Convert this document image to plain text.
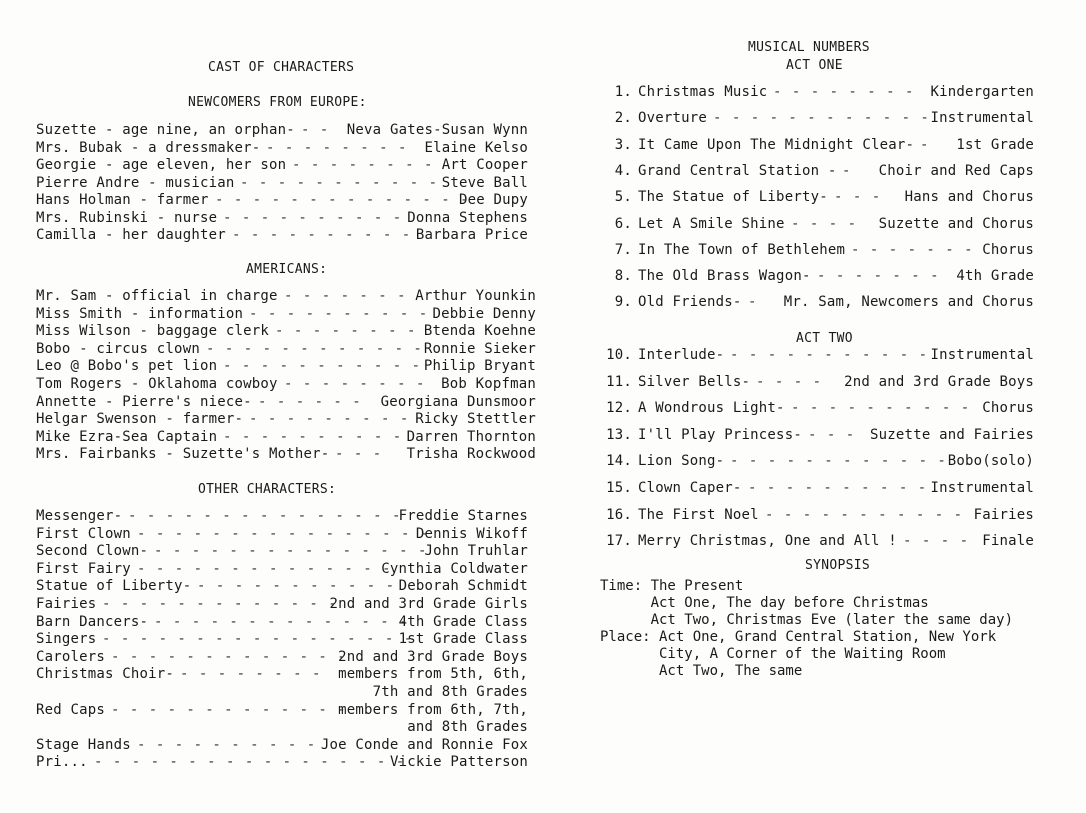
CAST OF CHARACTERS
NEWCOMERS FROM EUROPE:
Suzette - age nine, an orphan-	Neva Gates-Susan Wynn
- -
Mrs. Bubak - a dressmaker-	Elaine Kelso
- - - - - - - -
Georgie - age eleven, her son	Art Cooper
- - - - - - - -
Pierre Andre - musician	Steve Ball
- - - - - - - - - - -
Hans Holman - farmer	Dee Dupy
- - - - - - - - - - - - - -
Mrs. Rubinski - nurse	Donna Stephens
- - - - - - - - - -
Camilla - her daughter	Barbara Price
- - - - - - - - - -
AMERICANS:
Mr. Sam - official in charge	Arthur Younkin
- - - - - - -
Miss Smith - information	Debbie Denny
- - - - - - - - - -
Miss Wilson - baggage clerk	Btenda Koehne
- - - - - - - -
Bobo - circus clown	Ronnie Sieker
- - - - - - - - - - - -
Leo @ Bobo's pet lion	Philip Bryant
- - - - - - - - - - -
Tom Rogers - Oklahoma cowboy	Bob Kopfman
- - - - - - - -
Annette - Pierre's niece-	Georgiana Dunsmoor
- - - - - -
Helgar Swenson - farmer-	Ricky Stettler
- - - - - - - - -
Mike Ezra-Sea Captain	Darren Thornton
- - - - - - - - - -
Mrs. Fairbanks - Suzette's Mother-	Trisha Rockwood
- - -
OTHER CHARACTERS:
Messenger-	Freddie Starnes
- - - - - - - - - - - - - - -
First Clown	Dennis Wikoff
- - - - - - - - - - - - - - - -
Second Clown-	John Truhlar
- - - - - - - - - - - - - - -
First Fairy	Cynthia Coldwater
- - - - - - - - - - - - - -
Statue of Liberty-	Deborah Schmidt
- - - - - - - - - - -
Fairies	2nd and 3rd Grade Girls
- - - - - - - - - - - - -
Barn Dancers-	4th Grade Class
- - - - - - - - - - - - - -
Singers	1st Grade Class
- - - - - - - - - - - - - - - - -
Carolers	2nd and 3rd Grade Boys
- - - - - - - - - - - - -
Christmas Choir-	members from 5th, 6th,
- - - - - - - -
7th and 8th Grades
Red Caps	members from 6th, 7th,
- - - - - - - - - - - - -
and 8th Grades
Stage Hands	Joe Conde and Ronnie Fox
- - - - - - - - - -
Pri...	Vickie Patterson
- - - - - - - - - - - - - - - - -
MUSICAL NUMBERS
ACT ONE
1. Christmas Music	Kindergarten
- - - - - - - -
2. Overture	Instrumental
- - - - - - - - - - - -
3. It Came Upon The Midnight Clear-	1st Grade
-
4. Grand Central Station -	Choir and Red Caps
-
5. The Statue of Liberty-	Hans and Chorus
- - -
6. Let A Smile Shine	Suzette and Chorus
- - - -
7. In The Town of Bethlehem	Chorus
- - - - - - -
8. The Old Brass Wagon-	4th Grade
- - - - - - -
9. Old Friends-	Mr. Sam, Newcomers and Chorus
-
ACT TWO
10. Interlude-	Instrumental
- - - - - - - - - - -
11. Silver Bells-	2nd and 3rd Grade Boys
- - - -
12. A Wondrous Light-	Chorus
- - - - - - - - - -
13. I'll Play Princess-	Suzette and Fairies
- - -
14. Lion Song-	Bobo(solo)
- - - - - - - - - - - -
15. Clown Caper-	Instrumental
- - - - - - - - - -
16. The First Noel	Fairies
- - - - - - - - - - -
17. Merry Christmas, One and All !	Finale
- - - -
SYNOPSIS
Time: The Present
Act One, The day before Christmas
Act Two, Christmas Eve (later the same day)
Place: Act One, Grand Central Station, New York
City, A Corner of the Waiting Room
Act Two, The same
